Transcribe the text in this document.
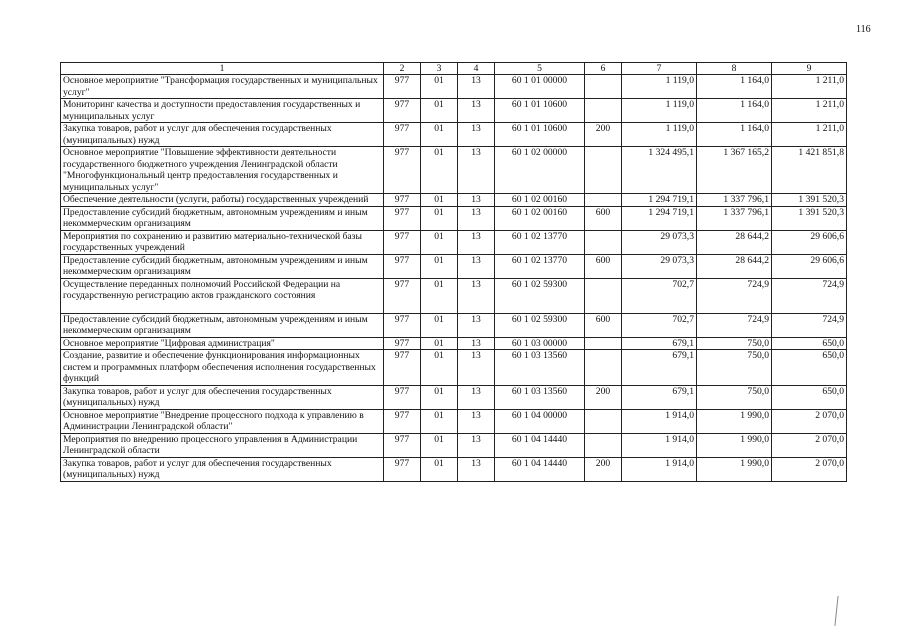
116
1	2	3	4	5	6	7	8	9
Основное мероприятие "Трансформация государственных и муниципальных услуг"	977	01	13	60 1 01 00000		1 119,0	1 164,0	1 211,0
Мониторинг качества и доступности предоставления государственных и муниципальных услуг	977	01	13	60 1 01 10600		1 119,0	1 164,0	1 211,0
Закупка товаров, работ и услуг для обеспечения государственных (муниципальных) нужд	977	01	13	60 1 01 10600	200	1 119,0	1 164,0	1 211,0
Основное мероприятие "Повышение эффективности деятельности государственного бюджетного учреждения Ленинградской области "Многофункциональный центр предоставления государственных и муниципальных услуг"	977	01	13	60 1 02 00000		1 324 495,1	1 367 165,2	1 421 851,8
Обеспечение деятельности (услуги, работы) государственных учреждений	977	01	13	60 1 02 00160		1 294 719,1	1 337 796,1	1 391 520,3
Предоставление субсидий бюджетным, автономным учреждениям и иным некоммерческим организациям	977	01	13	60 1 02 00160	600	1 294 719,1	1 337 796,1	1 391 520,3
Мероприятия по сохранению и развитию материально-технической базы государственных учреждений	977	01	13	60 1 02 13770		29 073,3	28 644,2	29 606,6
Предоставление субсидий бюджетным, автономным учреждениям и иным некоммерческим организациям	977	01	13	60 1 02 13770	600	29 073,3	28 644,2	29 606,6
Осуществление переданных полномочий Российской Федерации на государственную регистрацию актов гражданского состояния	977	01	13	60 1 02 59300		702,7	724,9	724,9
Предоставление субсидий бюджетным, автономным учреждениям и иным некоммерческим организациям	977	01	13	60 1 02 59300	600	702,7	724,9	724,9
Основное мероприятие "Цифровая администрация"	977	01	13	60 1 03 00000		679,1	750,0	650,0
Создание, развитие и обеспечение функционирования информационных систем и программных платформ обеспечения исполнения государственных функций	977	01	13	60 1 03 13560		679,1	750,0	650,0
Закупка товаров, работ и услуг для обеспечения государственных (муниципальных) нужд	977	01	13	60 1 03 13560	200	679,1	750,0	650,0
Основное мероприятие "Внедрение процессного подхода к управлению в Администрации Ленинградской области"	977	01	13	60 1 04 00000		1 914,0	1 990,0	2 070,0
Мероприятия по внедрению процессного управления в Администрации Ленинградской области	977	01	13	60 1 04 14440		1 914,0	1 990,0	2 070,0
Закупка товаров, работ и услуг для обеспечения государственных (муниципальных) нужд	977	01	13	60 1 04 14440	200	1 914,0	1 990,0	2 070,0
